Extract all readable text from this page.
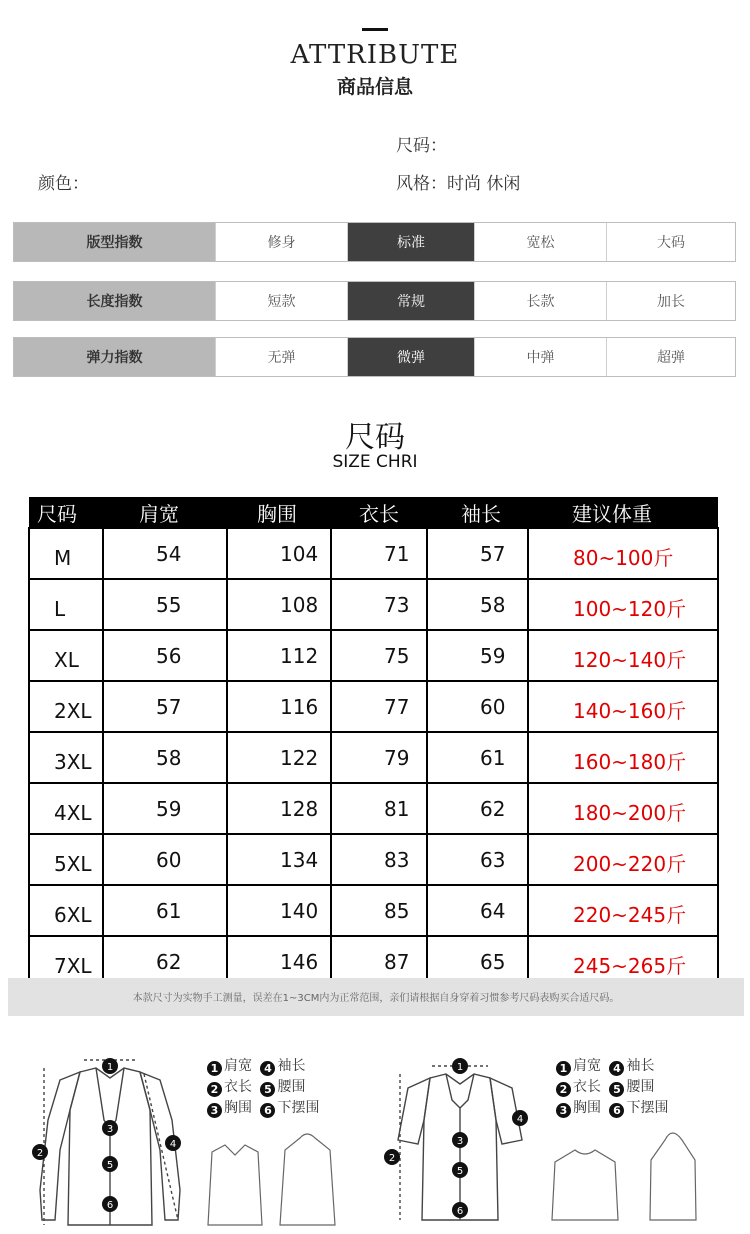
ATTRIBUTE
商品信息
尺码：
颜色：	风格：时尚 休闲
版型指数	修身	标准	宽松	大码
长度指数	短款	常规	长款	加长
弹力指数	无弹	微弹	中弹	超弹
尺码
SIZE CHRI
尺码	肩宽	胸围	衣长	袖长	建议体重
M	54	104	71	57	80~100斤
L	55	108	73	58	100~120斤
XL	56	112	75	59	120~140斤
2XL	57	116	77	60	140~160斤
3XL	58	122	79	61	160~180斤
4XL	59	128	81	62	180~200斤
5XL	60	134	83	63	200~220斤
6XL	61	140	85	64	220~245斤
7XL	62	146	87	65	245~265斤
本款尺寸为实物手工测量，误差在1~3CM内为正常范围，亲们请根据自身穿着习惯参考尺码表购买合适尺码。
1
2
3
4
5
6
1
2
3
4
5
6
1 肩宽 4 袖长
2 衣长 5 腰围
3 胸围 6 下摆围
1 肩宽 4 袖长
2 衣长 5 腰围
3 胸围 6 下摆围
